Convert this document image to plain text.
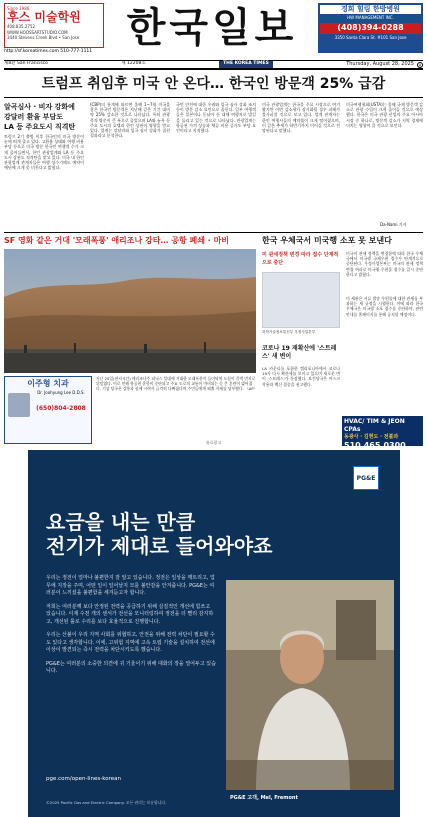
Since 1986
후스 미술학원
408.835.2752
WWW.HOOSSARTSTUDIO.COM
3440 Stevens Creek Blvd • San Jose
http://sf.koreatimes.com 510-777-1111
한국일보	경희 힐링 한방병원
HW MANAGEMENT INC.
(408)394-0288
3350 Santa Clara St. #101 San Jose
제8환 San Francisco	제 12208호	THE KOREA TIMES	Thursday, August 28, 2025	A
트럼프 취임후 미국 안 온다… 한국인 방문객 25% 급감
알곡심사 · 비자 강화에
강달러 환율 부담도
LA 등 주요도시 직격탄
트럼프 2기 출범 이후 한국인의 미국 방문이 눈에 띄게 줄고 있다. 고환율 상태와 여행 비용 부담 등으로 미국 방문 한국인 여행객 수가 크게 줄어들면서, 한인 관광업계와 LA 등 주요 도시 상권도 직격탄을 맞고 있다. 미국 내 한인 관광업계 관계자들은 여행 성수기에도 예약이 예년에 크게 못 미친다고 밝혔다.
(CBP)의 통계에 따르면 올해 1~7월 미국을 찾은 한국인 방문객은 지난해 같은 기간 대비 약 25% 감소한 것으로 나타났다. 특히 관광 목적 방문이 큰 폭으로 줄었으며 LA와 뉴욕 등 주요 도시의 호텔과 한인 상권이 영향을 받고 있다. 업계는 강달러와 입국 심사 강화가 겹친 결과라고 분석한다.
국민 안전에 대한 우려와 입국 심사 강화 조치 등이 방문 감소 요인으로 꼽힌다. 일부 여행객들은 일본이나 동남아 등 대체 여행지로 발길을 돌리고 있는 것으로 나타났다. 관광업계는 항공권 가격 상승과 체류 비용 증가도 부담 요인이라고 지적했다.
미국 관광업계는 한국을 주요 시장으로 여겨왔지만 이번 감소세가 장기화될 경우 피해가 불가피할 것으로 보고 있다. 업계 관계자는 한인 여행사들의 예약률이 크게 떨어졌으며, 이 같은 추세가 하반기까지 이어질 것으로 전망된다고 말했다.
미국여행협회(USTA)는 올해 국제 방문객 감소로 관광 수입이 크게 줄어들 것으로 예상했다. 한국은 미국 관광 산업의 주요 아시아 시장 중 하나로, 방문객 감소가 지역 경제에 미치는 영향이 클 것으로 보인다.
Da-Nami 기자
SF 영화 같은 거대 '모래폭풍' 애리조나 강타… 공항 폐쇄 · 마비
지난 25일(현지시간) 애리조나주 피닉스 일대에 거대한 모래폭풍이 들이닥쳐 도심이 갈색 먼지로 뒤덮였다. 이로 인해 항공편 운항이 중단되고 주요 도로의 교통이 마비되는 등 큰 혼란이 빚어졌다. 기상 당국은 강풍과 함께 시야가 급격히 나빠졌다며 주민들에게 외출 자제를 당부했다. 〈AP〉
이주형 치과
Dr. Joohyung Lee D.D.S.
(650)804-2808
한국 우체국서 미국행 소포 못 보낸다
미 관세정책 변경 따라 접수 단계적으로 중단
과학기술정보통신부 우정사업본부
미국이 관세 정책을 변경함에 따라 한국 우체국에서 미국행 국제우편 접수가 단계적으로 중단된다. 우정사업본부는 미국의 관세 정책 변경 여파로 미국행 우편물 접수를 일시 중단한다고 밝혔다.
미 세관은 서류 발송 우편물에 대한 관세를 부과하는 새 규정을 시행한다. 이에 따라 한국 우체국은 미국행 소포 접수를 중단하며, 관련 안내를 홈페이지를 통해 공지할 예정이다.
코로나 19 재확산에 '스트레스' 새 변이
LA 카운티를 포함한 캘리포니아에서 코로나19가 다시 확산세를 보이고 있으며 새로운 변이 '스트레스'가 등장했다. 보건당국은 마스크 착용과 백신 접종을 권고했다.
HVAC/ TIM & JEON CPAs
동광사 · 김현도 · 전불과
510.465.0300
유료광고
PG&E
요금을 내는 만큼
전기가 제대로 들어와야죠

우리는 정전이 얼마나 불편한지 잘 알고 있습니다. 정전은 일상을 깨트리고, 업무에 지장을 주며, 어떤 일이 일어날지 모를 불안감을 안겨줍니다. PG&E는 여러분이 느끼셨을 불편함을 세겨듣고자 합니다.

저희는 여러분께 보다 안정된 전력을 공급하기 위해 실질적인 개선에 힘쓰고 있습니다. 이제 수천 개의 센서가 전선을 모니터링하여 정전을 더 빨리 감지하고, 개선된 툴로 수리를 보다 효율적으로 진행합니다.

우리는 산불이 우리 지역 사회를 위협하고, 안전을 위해 전력 차단이 필요할 수도 있다고 생각합니다. 이에, 고위험 지역에 고속 트립 기술을 설치하여 전선에 이상이 발견되는 즉시 전력을 차단시키도록 했습니다.

PG&E는 여러분의 소중한 의견에 귀 기울이기 위해 대화의 장을 열어두고 있습니다.

pge.com/open-lines-korean
©2025 Pacific Gas and Electric Company. 모든 권리는 보유됩니다.
PG&E 고객, Mel, Fremont
